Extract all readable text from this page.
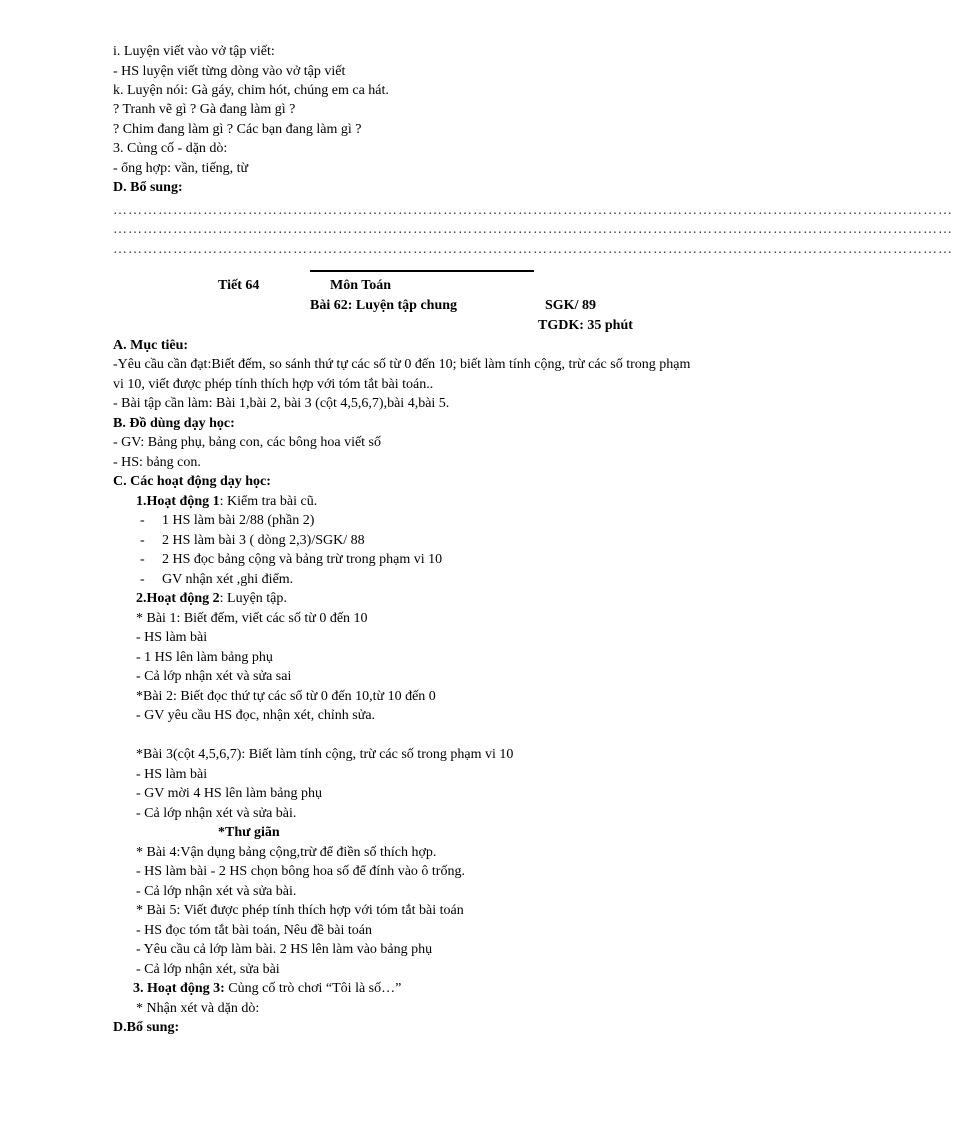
i. Luyện viết vào vở tập viết:
- HS luyện viết từng dòng vào vở tập viết
k. Luyện nói: Gà gáy, chim hót, chúng em ca hát.
? Tranh vẽ gì ? Gà đang làm gì ?
? Chim đang làm gì ? Các bạn đang làm gì ?
3. Củng cố - dặn dò:
- ổng hợp: vần, tiếng, từ
D. Bổ sung:
……………………………………………………………………………………………………………………………………………………
……………………………………………………………………………………………………………………………………………………
……………………………………………………………………………………………………………………………………………………
Tiết 64	Môn Toán
Bài 62: Luyện tập chung	SGK/ 89
TGDK: 35 phút
A. Mục tiêu:
-Yêu cầu cần đạt:Biết đếm, so sánh thứ tự các số từ 0 đến 10; biết làm tính cộng, trừ các số trong phạm
vi 10, viết được phép tính thích hợp với tóm tắt bài toán..
- Bài tập cần làm: Bài 1,bài 2, bài 3 (cột 4,5,6,7),bài 4,bài 5.
B. Đồ dùng dạy học:
- GV: Bảng phụ, bảng con, các bông hoa viết số
- HS: bảng con.
C. Các hoạt động dạy học:
1.Hoạt động 1: Kiểm tra bài cũ.
- 1 HS làm bài 2/88 (phần 2)
- 2 HS làm bài 3 ( dòng 2,3)/SGK/ 88
- 2 HS đọc bảng cộng và bảng trừ trong phạm vi 10
- GV nhận xét ,ghi điểm.
2.Hoạt động 2: Luyện tập.
* Bài 1: Biết đếm, viết các số từ 0 đến 10
- HS làm bài
- 1 HS lên làm bảng phụ
- Cả lớp nhận xét và sửa sai
*Bài 2: Biết đọc thứ tự các số từ 0 đến 10,từ 10 đến 0
- GV yêu cầu HS đọc, nhận xét, chỉnh sửa.
*Bài 3(cột 4,5,6,7): Biết làm tính cộng, trừ các số trong phạm vi 10
- HS làm bài
- GV mời 4 HS lên làm bảng phụ
- Cả lớp nhận xét và sửa bài.
*Thư giãn
* Bài 4:Vận dụng bảng cộng,trừ để điền số thích hợp.
- HS làm bài - 2 HS chọn bông hoa số để đính vào ô trống.
- Cả lớp nhận xét và sửa bài.
* Bài 5: Viết được phép tính thích hợp với tóm tắt bài toán
- HS đọc tóm tắt bài toán, Nêu đề bài toán
- Yêu cầu cả lớp làm bài. 2 HS lên làm vào bảng phụ
- Cả lớp nhận xét, sửa bài
3. Hoạt động 3: Củng cố trò chơi “Tôi là số…”
* Nhận xét và dặn dò:
D.Bổ sung:
